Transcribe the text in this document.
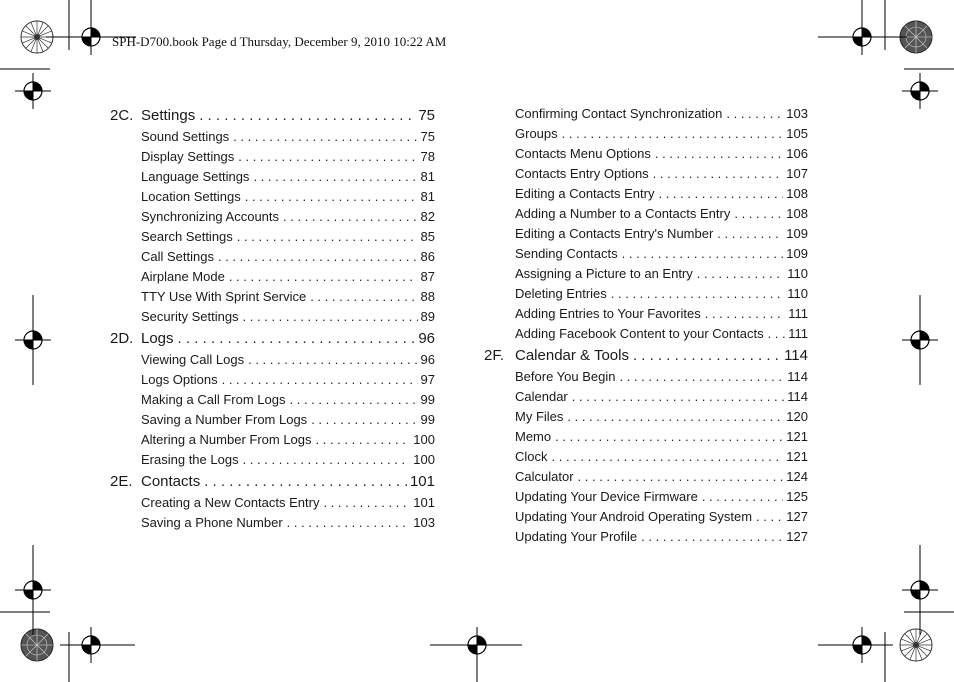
SPH-D700.book Page d Thursday, December 9, 2010 10:22 AM
2C. Settings . . .	75
Sound Settings . . .	75
Display Settings . . .	78
Language Settings . . .	81
Location Settings . . .	81
Synchronizing Accounts . . .	82
Search Settings . . .	85
Call Settings . . .	86
Airplane Mode . . .	87
TTY Use With Sprint Service . . .	88
Security Settings . . .	89
2D. Logs . . .	96
Viewing Call Logs . . .	96
Logs Options . . .	97
Making a Call From Logs . . .	99
Saving a Number From Logs . . .	99
Altering a Number From Logs . . .	100
Erasing the Logs . . .	100
2E. Contacts . . .	101
Creating a New Contacts Entry . . .	101
Saving a Phone Number . . .	103
Confirming Contact Synchronization . . .	103
Groups . . .	105
Contacts Menu Options . . .	106
Contacts Entry Options . . .	107
Editing a Contacts Entry . . .	108
Adding a Number to a Contacts Entry . . .	108
Editing a Contacts Entry's Number . . .	109
Sending Contacts . . .	109
Assigning a Picture to an Entry . . .	110
Deleting Entries . . .	110
Adding Entries to Your Favorites . . .	111
Adding Facebook Content to your Contacts . . .	111
2F. Calendar & Tools . . .	114
Before You Begin . . .	114
Calendar . . .	114
My Files . . .	120
Memo . . .	121
Clock . . .	121
Calculator . . .	124
Updating Your Device Firmware . . .	125
Updating Your Android Operating System . . .	127
Updating Your Profile . . .	127
